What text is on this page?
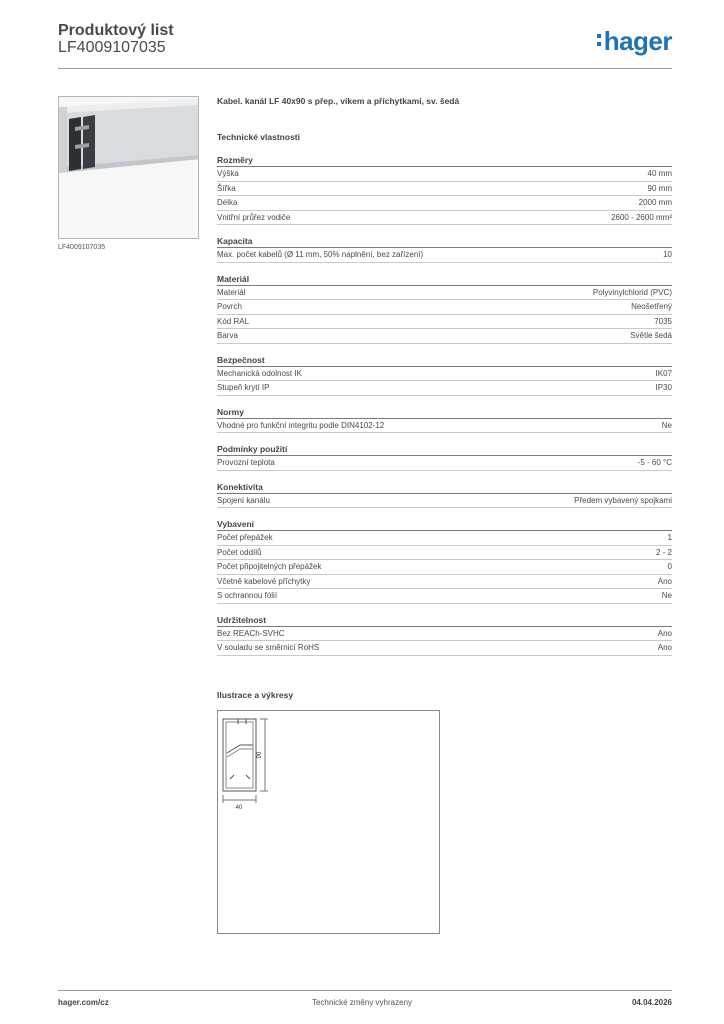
Produktový list
LF4009107035	hager
LF4009107035
Kabel. kanál LF 40x90 s přep., víkem a příchytkami, sv. šedá
Technické vlastnosti
Rozměry
Výška	40 mm
Šířka	90 mm
Délka	2000 mm
Vnitřní průřez vodiče	2600 - 2600 mm²
Kapacita
Max. počet kabelů (Ø 11 mm, 50% naplnění, bez zařízení)	10
Materiál
Materiál	Polyvinylchlorid (PVC)
Povrch	Neošetřený
Kód RAL	7035
Barva	Světle šedá
Bezpečnost
Mechanická odolnost IK	IK07
Stupeň krytí IP	IP30
Normy
Vhodné pro funkční integritu podle DIN4102-12	Ne
Podmínky použití
Provozní teplota	-5 - 60 °C
Konektivita
Spojení kanálu	Předem vybavený spojkami
Vybavení
Počet přepážek	1
Počet oddílů	2 - 2
Počet připojitelných přepážek	0
Včetně kabelové příchytky	Ano
S ochrannou fólií	Ne
Udržitelnost
Bez REACh-SVHC	Ano
V souladu se směrnicí RoHS	Ano
Ilustrace a výkresy
40
90
hager.com/cz	Technické změny vyhrazeny	04.04.2026
